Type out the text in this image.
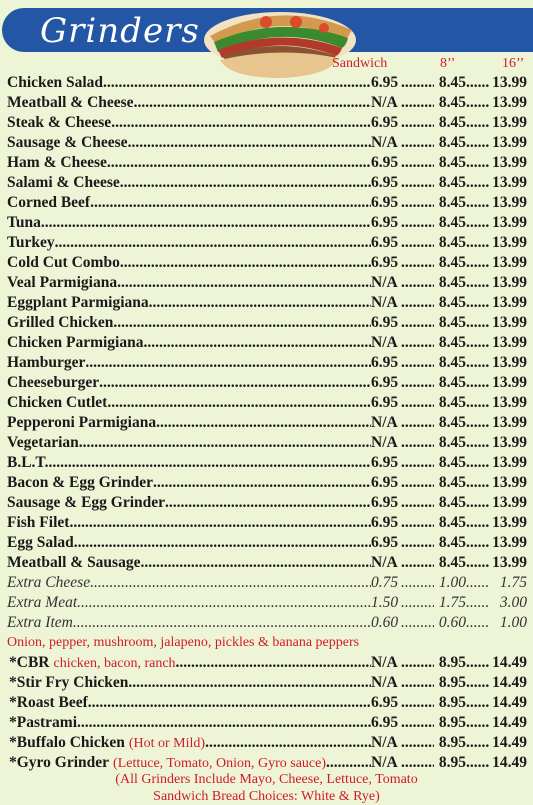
Grinders
Sandwich	8’’	16’’
Chicken Salad .....	6.95 .....	8.45 ..... 13.99
Meatball & Cheese .....	N/A .....	8.45 ..... 13.99
Steak & Cheese .....	6.95 .....	8.45 ..... 13.99
Sausage & Cheese .....	N/A .....	8.45 ..... 13.99
Ham & Cheese .....	6.95 .....	8.45 ..... 13.99
Salami & Cheese .....	6.95 .....	8.45 ..... 13.99
Corned Beef .....	6.95 .....	8.45 ..... 13.99
Tuna .....	6.95 .....	8.45 ..... 13.99
Turkey .....	6.95 .....	8.45 ..... 13.99
Cold Cut Combo .....	6.95 .....	8.45 ..... 13.99
Veal Parmigiana .....	N/A .....	8.45 ..... 13.99
Eggplant Parmigiana .....	N/A .....	8.45 ..... 13.99
Grilled Chicken .....	6.95 .....	8.45 ..... 13.99
Chicken Parmigiana .....	N/A .....	8.45 ..... 13.99
Hamburger .....	6.95 .....	8.45 ..... 13.99
Cheeseburger .....	6.95 .....	8.45 ..... 13.99
Chicken Cutlet .....	6.95 .....	8.45 ..... 13.99
Pepperoni Parmigiana .....	N/A .....	8.45 ..... 13.99
Vegetarian .....	N/A .....	8.45 ..... 13.99
B.L.T. .....	6.95 .....	8.45 ..... 13.99
Bacon & Egg Grinder .....	6.95 .....	8.45 ..... 13.99
Sausage & Egg Grinder .....	6.95 .....	8.45 ..... 13.99
Fish Filet .....	6.95 .....	8.45 ..... 13.99
Egg Salad .....	6.95 .....	8.45 ..... 13.99
Meatball & Sausage .....	N/A .....	8.45 ..... 13.99
Extra Cheese .....	0.75 .....	1.00 .....	1.75
Extra Meat .....	1.50 .....	1.75 .....	3.00
Extra Item .....	0.60 .....	0.60 .....	1.00
Onion, pepper, mushroom, jalapeno, pickles & banana peppers
*CBR chicken, bacon, ranch .....	N/A .....	8.95 ..... 14.49
*Stir Fry Chicken .....	N/A .....	8.95 ..... 14.49
*Roast Beef .....	6.95 .....	8.95 ..... 14.49
*Pastrami .....	6.95 .....	8.95 ..... 14.49
*Buffalo Chicken (Hot or Mild) .....	N/A .....	8.95 ..... 14.49
*Gyro Grinder (Lettuce, Tomato, Onion, Gyro sauce) .....	N/A .....	8.95 ..... 14.49
(All Grinders Include Mayo, Cheese, Lettuce, Tomato
Sandwich Bread Choices: White & Rye)
